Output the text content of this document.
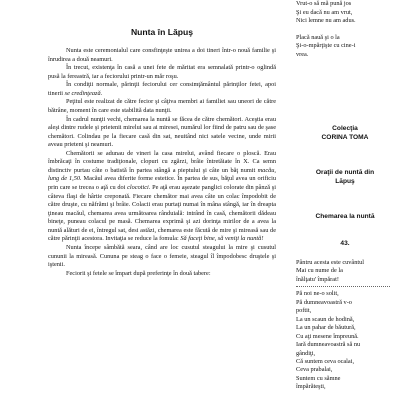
Nunta în Lăpuş

Nunta este ceremonialul care consfinţeşte unirea a doi tineri într-o nouă familie şi înrudirea a două neamuri.

În trecut, existenţa în casă a unei fete de măritat era semnalată printr-o oglindă pusă la fereastră, iar a feciorului printr-un măr roşu.

În condiţii normale, părinţii feciorului cer consimţământul părinţilor fetei, apoi tinerii se credinţează.

Peţitul este realizat de către fecior şi câţiva membri ai familiei sau uneori de către bătrâne, moment în care este stabilită data nunţii.

În cadrul nunţii vechi, chemarea la nuntă se făcea de către chemători. Aceştia erau aleşi dintre rudele şi prietenii mirelui sau ai miresei, numărul lor fiind de patru sau de şase chemători. Colindau pe la fiecare casă din sat, neuitând nici satele vecine, unde mirii aveau prieteni şi neamuri.

Chemătorii se adunau de vineri la casa mirelui, având fiecare o ploscă. Erau îmbrăcaţi în costume tradiţionale, clopuri cu zgărzi, brâie întretăiate în X. Ca semn distinctiv purtau câte o batistă în partea stângă a pieptului şi câte un băţ numit macău, lung de 1,50. Macăul avea diferite forme estetice. În partea de sus, băţul avea un orificiu prin care se trecea o aţă cu doi clocotici. Pe aţă erau aşezate panglici colorate din pânză şi câteva flaşi de hârtie creponată. Fiecare chemător mai avea câte un colac împodobit de către druşte, cu năfrămi şi brâie. Colacii erau purtaţi numai în mâna stângă, iar în dreapta ţineau macăul, chemarea avea următoarea rânduială: intrând în casă, chemătorii dădeau bineţe, puneau colacul pe masă. Chemarea exprimă şi azi dorinţa mirilor de a avea la nuntă alături de ei, întregul sat, desi astăzi, chemarea este făcută de mire şi mireasă sau de către părinţii acestora. Invitaţia se reduce la fomula: Să faceţi bine, să veniţi la nuntă!

Nunta începe sâmbătă seara, când are loc cusutul steagului la mire şi cusutul cununii la mireasă. Cununa pe steag o face o femeie, steagul îl împodobesc druştele şi iştenii.

Feciorii şi fetele se împart după preferinţe în două tabere:

Vrut-o să mă pună jos

Şi eu dacă nu am vrut,

Nici lemne nu am adus.

Placă nauă şi o la

Şi-o-mpărţişte cu cine-i

vrea.

Colecţia
CORINA TOMA
Oraţii de nuntă din
Lăpuş
Chemarea la nuntă
43.

Pântru acesta este cuvântul

Mai cu nume de la

înălţatu' împărat!

Pă noi ne-o solit,

Pă dumneavoastră v-o

poftit,

La un scaun de hodină,

La un pahar de băutură,

Cu aţi mesene împreună.

Iară dumneavoastră să nu

gândiţi,

Că suntem ceva ocalai,

Ceva prabalai,

Suntem cu sămne

împărăteşti,
